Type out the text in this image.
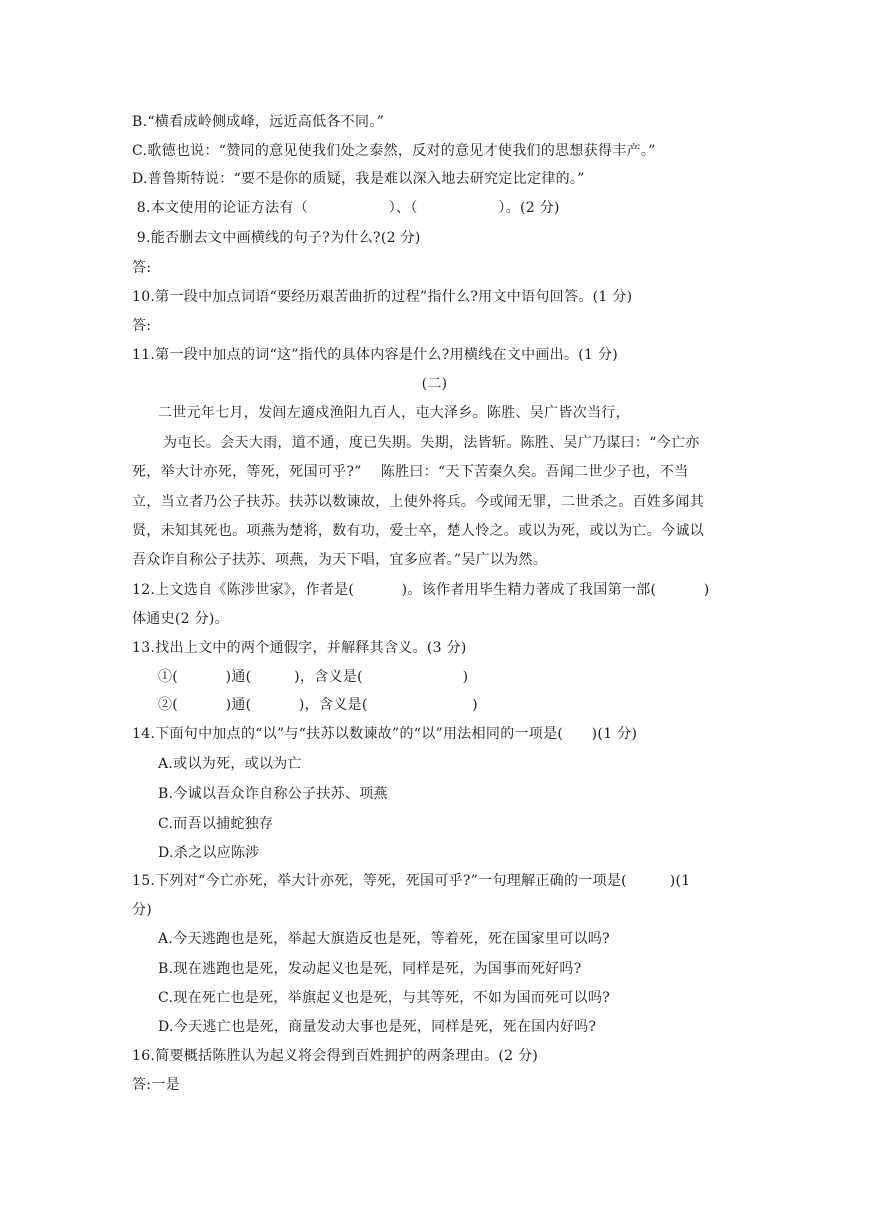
B.“横看成岭侧成峰，远近高低各不同。”
C.歌德也说：“赞同的意见使我们处之泰然，反对的意见才使我们的思想获得丰产。”
D.普鲁斯特说：“要不是你的质疑，我是难以深入地去研究定比定律的。”
8.本文使用的论证方法有（                 ）、（                 ）。(2 分)
9.能否删去文中画横线的句子?为什么?(2 分)
答:
10.第一段中加点词语“要经历艰苦曲折的过程”指什么?用文中语句回答。(1 分)
答:
11.第一段中加点的词“这”指代的具体内容是什么?用横线在文中画出。(1 分)
(二)
二世元年七月，发闾左適戍渔阳九百人，屯大泽乡。陈胜、吴广皆次当行，
为屯长。会天大雨，道不通，度已失期。失期，法皆斩。陈胜、吴广乃谋曰：“今亡亦
死，举大计亦死，等死，死国可乎?”    陈胜曰：“天下苦秦久矣。吾闻二世少子也，不当
立，当立者乃公子扶苏。扶苏以数谏故，上使外将兵。今或闻无罪，二世杀之。百姓多闻其
贤，未知其死也。项燕为楚将，数有功，爱士卒，楚人怜之。或以为死，或以为亡。今诚以
吾众诈自称公子扶苏、项燕，为天下唱，宜多应者。”吴广以为然。
12.上文选自《陈涉世家》，作者是(          )。该作者用毕生精力著成了我国第一部(          )
体通史(2 分)。
13.找出上文中的两个通假字，并解释其含义。(3 分)
①(          )通(         )，含义是(                     )
②(          )通(          )，含义是(                      )
14.下面句中加点的“以”与“扶苏以数谏故”的“以”用法相同的一项是(      )(1 分)
A.或以为死，或以为亡
B.今诚以吾众诈自称公子扶苏、项燕
C.而吾以捕蛇独存
D.杀之以应陈涉
15.下列对“今亡亦死，举大计亦死，等死，死国可乎?”一句理解正确的一项是(         )(1
分)
A.今天逃跑也是死，举起大旗造反也是死，等着死，死在国家里可以吗?
B.现在逃跑也是死，发动起义也是死，同样是死，为国事而死好吗?
C.现在死亡也是死，举旗起义也是死，与其等死，不如为国而死可以吗?
D.今天逃亡也是死，商量发动大事也是死，同样是死，死在国内好吗?
16.简要概括陈胜认为起义将会得到百姓拥护的两条理由。(2 分)
答:一是
